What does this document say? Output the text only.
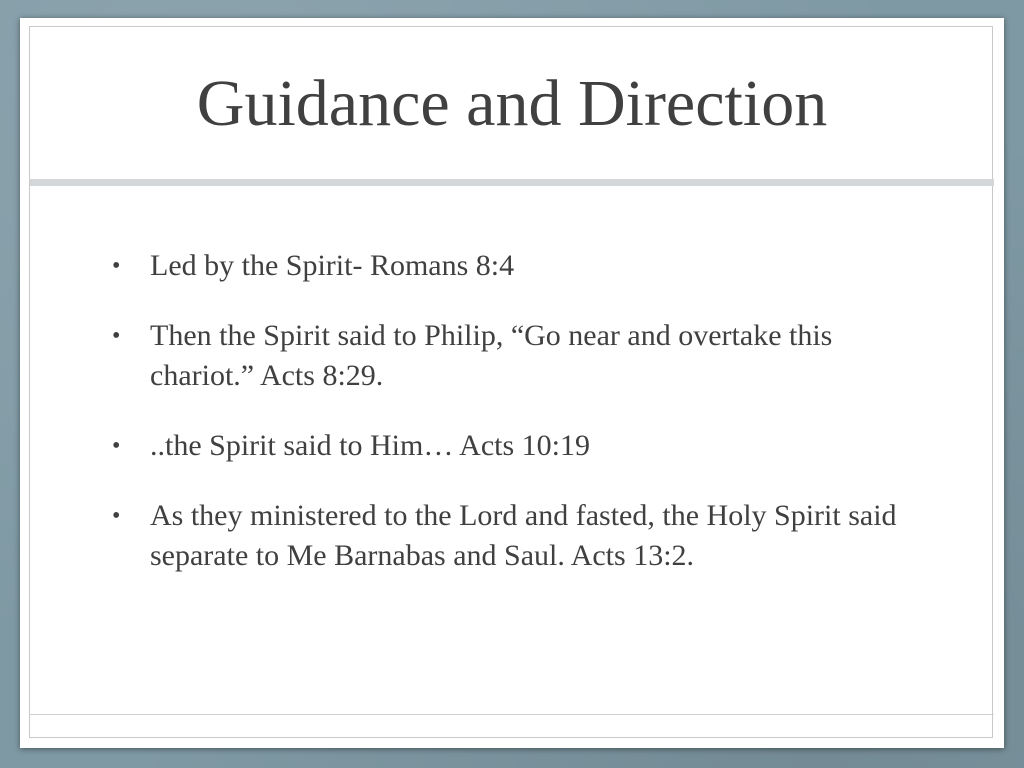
Guidance and Direction
• Led by the Spirit- Romans 8:4
• Then the Spirit said to Philip, “Go near and overtake this chariot.” Acts 8:29.
• ..the Spirit said to Him… Acts 10:19
• As they ministered to the Lord and fasted, the Holy Spirit said separate to Me Barnabas and Saul. Acts 13:2.
